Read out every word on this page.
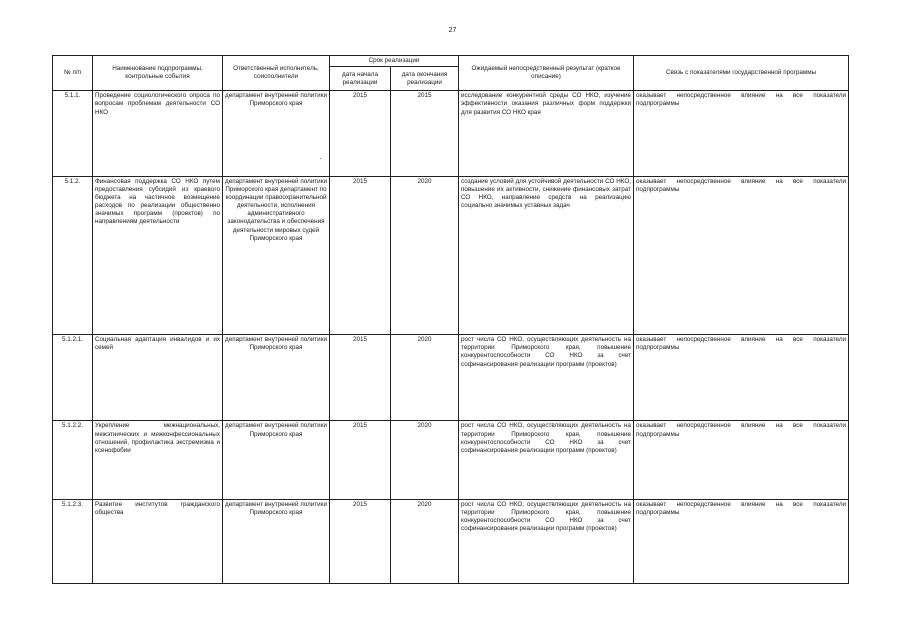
27
№ п/п	Наименование подпрограммы, контрольные события	Ответственный исполнитель, соисполнители	Срок реализации		Ожидаемый непосредственный результат (краткое описание)	Связь с показателями государственной программы
			дата начала реализации	дата окончания реализации		
5.1.1.	Проведение социологического опроса по вопросам проблемам деятельности СО НКО	департамент внутренней политики Приморского края	2015	2015	исследование конкурентной среды СО НКО, изучение эффективности оказания различных форм поддержки для развития СО НКО края	оказывает непосредственное влияние на все показатели подпрограммы
5.1.2.	Финансовая поддержка СО НКО путем предоставления субсидий из краевого бюджета на частичное возмещение расходов по реализации общественно значимых программ (проектов) по направлениям деятельности	департамент внутренней политики Приморского края департамент по координации правоохранительной деятельности, исполнения административного законодательства и обеспечения деятельности мировых судей Приморского края	2015	2020	создание условий для устойчивой деятельности СО НКО, повышение их активности, снижение финансовых затрат СО НКО, направление средств на реализацию социально значимых уставных задач	оказывает непосредственное влияние на все показатели подпрограммы
5.1.2.1.	Социальная адаптация инвалидов и их семей	департамент внутренней политики Приморского края	2015	2020	рост числа СО НКО, осуществляющих деятельность на территории Приморского края, повышение конкурентоспособности СО НКО за счет софинансирования реализации программ (проектов)	оказывает непосредственное влияние на все показатели подпрограммы
5.1.2.2.	Укрепление межнациональных, межэтнических и межконфессиональных отношений, профилактика экстремизма и ксенофобии	департамент внутренней политики Приморского края	2015	2020	рост числа СО НКО, осуществляющих деятельность на территории Приморского края, повышение конкурентоспособности СО НКО за счет софинансирования реализации программ (проектов)	оказывает непосредственное влияние на все показатели подпрограммы
5.1.2.3.	Развитие институтов гражданского общества	департамент внутренней политики Приморского края	2015	2020	рост числа СО НКО, осуществляющих деятельность на территории Приморского края, повышение конкурентоспособности СО НКО за счет софинансирования реализации программ (проектов)	оказывает непосредственное влияние на все показатели подпрограммы
